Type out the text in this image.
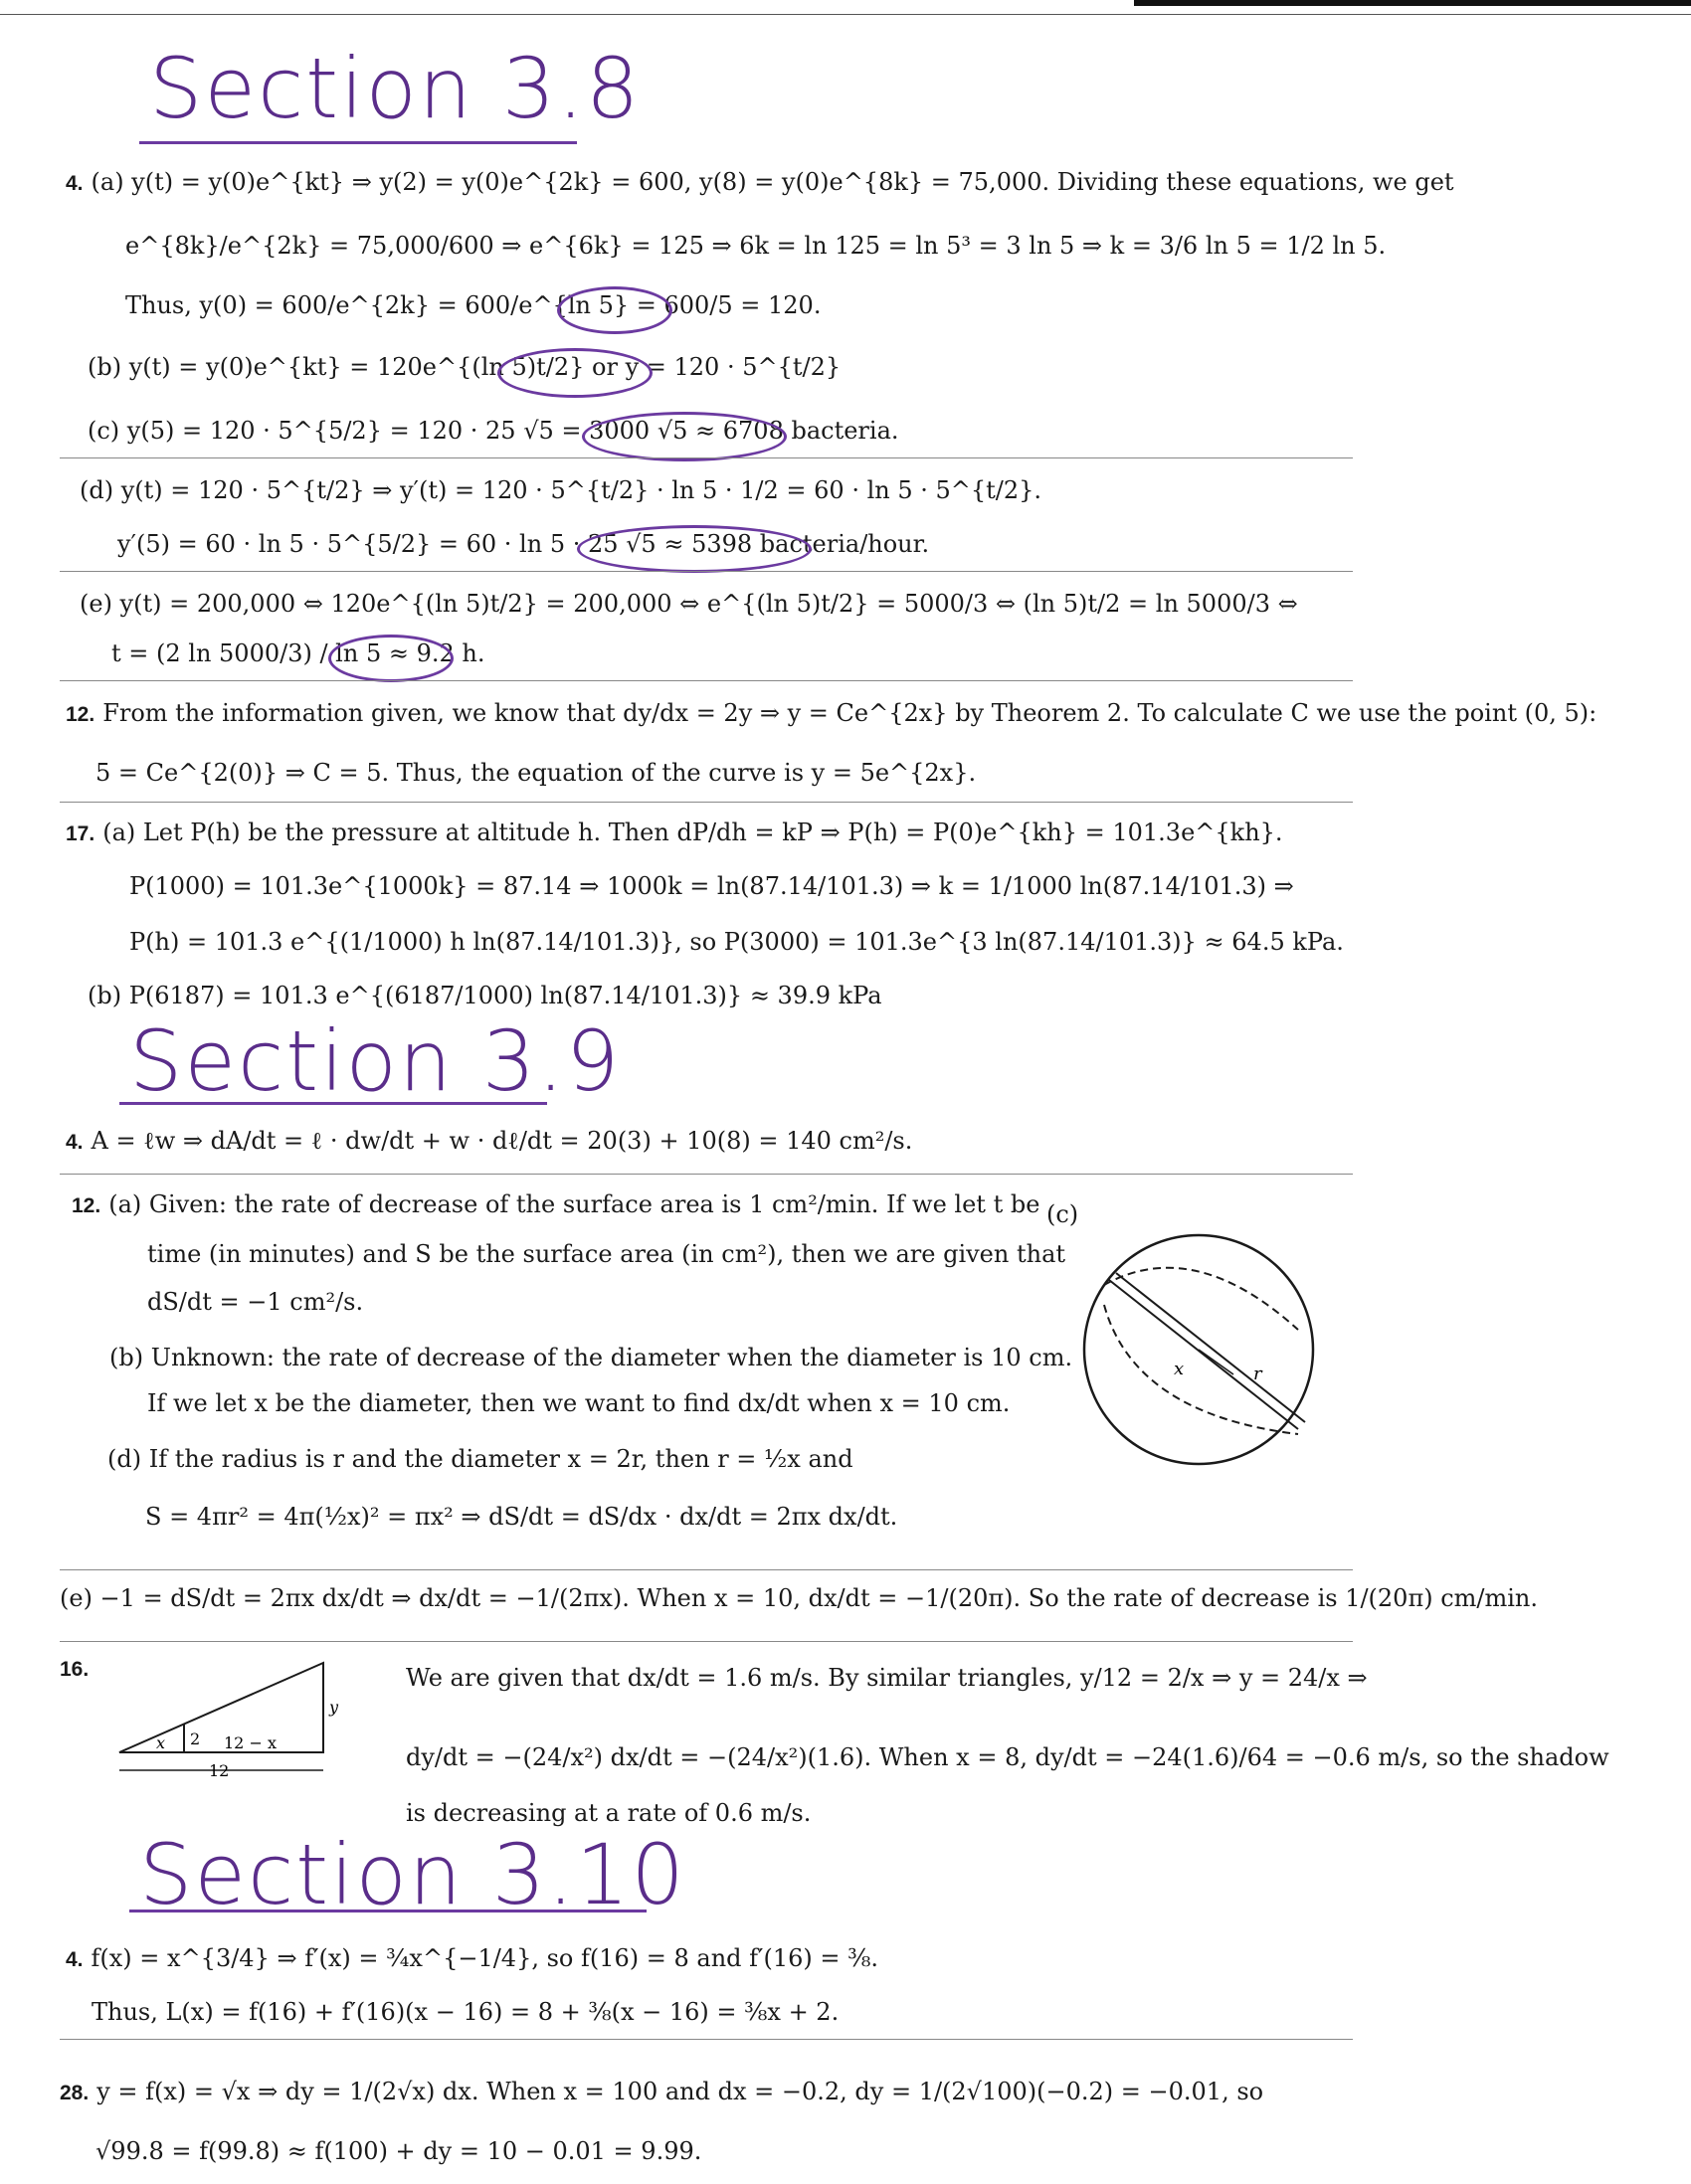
Section 3.8
4. (a) y(t) = y(0)e^{kt} ⇒ y(2) = y(0)e^{2k} = 600, y(8) = y(0)e^{8k} = 75,000. Dividing these equations, we get
e^{8k}/e^{2k} = 75,000/600 ⇒ e^{6k} = 125 ⇒ 6k = ln 125 = ln 5³ = 3 ln 5 ⇒ k = 3/6 ln 5 = 1/2 ln 5.
Thus, y(0) = 600/e^{2k} = 600/e^{ln 5} = 600/5 = 120.
(b) y(t) = y(0)e^{kt} = 120e^{(ln 5)t/2} or y = 120 · 5^{t/2}
(c) y(5) = 120 · 5^{5/2} = 120 · 25 √5 = 3000 √5 ≈ 6708 bacteria.
(d) y(t) = 120 · 5^{t/2} ⇒ y′(t) = 120 · 5^{t/2} · ln 5 · 1/2 = 60 · ln 5 · 5^{t/2}.
y′(5) = 60 · ln 5 · 5^{5/2} = 60 · ln 5 · 25 √5 ≈ 5398 bacteria/hour.
(e) y(t) = 200,000 ⇔ 120e^{(ln 5)t/2} = 200,000 ⇔ e^{(ln 5)t/2} = 5000/3 ⇔ (ln 5)t/2 = ln 5000/3 ⇔
t = (2 ln 5000/3) / ln 5 ≈ 9.2 h.
12. From the information given, we know that dy/dx = 2y ⇒ y = Ce^{2x} by Theorem 2. To calculate C we use the point (0, 5):
5 = Ce^{2(0)} ⇒ C = 5. Thus, the equation of the curve is y = 5e^{2x}.
17. (a) Let P(h) be the pressure at altitude h. Then dP/dh = kP ⇒ P(h) = P(0)e^{kh} = 101.3e^{kh}.
P(1000) = 101.3e^{1000k} = 87.14 ⇒ 1000k = ln(87.14/101.3) ⇒ k = 1/1000 ln(87.14/101.3) ⇒
P(h) = 101.3 e^{(1/1000) h ln(87.14/101.3)}, so P(3000) = 101.3e^{3 ln(87.14/101.3)} ≈ 64.5 kPa.
(b) P(6187) = 101.3 e^{(6187/1000) ln(87.14/101.3)} ≈ 39.9 kPa
Section 3.9
4. A = ℓw ⇒ dA/dt = ℓ · dw/dt + w · dℓ/dt = 20(3) + 10(8) = 140 cm²/s.
12. (a) Given: the rate of decrease of the surface area is 1 cm²/min. If we let t be
time (in minutes) and S be the surface area (in cm²), then we are given that
dS/dt = −1 cm²/s.
(b) Unknown: the rate of decrease of the diameter when the diameter is 10 cm.
If we let x be the diameter, then we want to find dx/dt when x = 10 cm.
(d) If the radius is r and the diameter x = 2r, then r = ½x and
S = 4πr² = 4π(½x)² = πx² ⇒ dS/dt = dS/dx · dx/dt = 2πx dx/dt.
(c)
x	r
(e) −1 = dS/dt = 2πx dx/dt ⇒ dx/dt = −1/(2πx). When x = 10, dx/dt = −1/(20π). So the rate of decrease is 1/(20π) cm/min.
16.
x 2 12 − x
y
12
We are given that dx/dt = 1.6 m/s. By similar triangles, y/12 = 2/x ⇒ y = 24/x ⇒
dy/dt = −(24/x²) dx/dt = −(24/x²)(1.6). When x = 8, dy/dt = −24(1.6)/64 = −0.6 m/s, so the shadow
is decreasing at a rate of 0.6 m/s.
Section 3.10
4. f(x) = x^{3/4} ⇒ f′(x) = ¾x^{−1/4}, so f(16) = 8 and f′(16) = ⅜.
Thus, L(x) = f(16) + f′(16)(x − 16) = 8 + ⅜(x − 16) = ⅜x + 2.
28. y = f(x) = √x ⇒ dy = 1/(2√x) dx. When x = 100 and dx = −0.2, dy = 1/(2√100)(−0.2) = −0.01, so
√99.8 = f(99.8) ≈ f(100) + dy = 10 − 0.01 = 9.99.
